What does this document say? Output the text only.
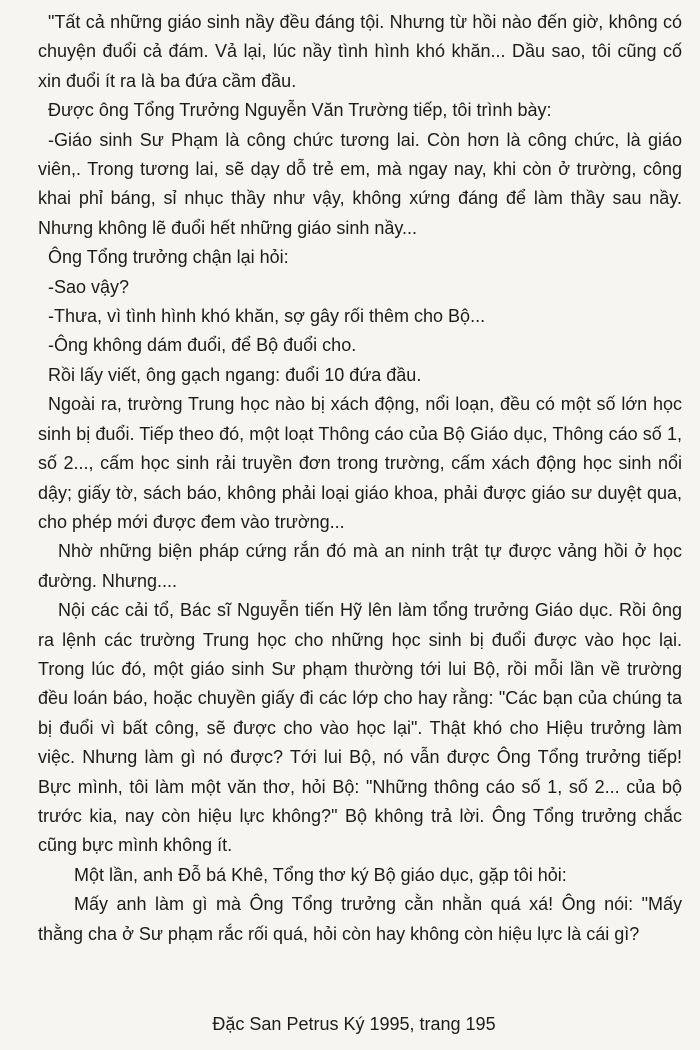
"Tất cả những giáo sinh nầy đều đáng tội. Nhưng từ hồi nào đến giờ, không có chuyện đuổi cả đám. Vả lại, lúc nầy tình hình khó khăn... Dầu sao, tôi cũng cố xin đuổi ít ra là ba đứa cầm đầu.

Được ông Tổng Trưởng Nguyễn Văn Trường tiếp, tôi trình bày:

-Giáo sinh Sư Phạm là công chức tương lai. Còn hơn là công chức, là giáo viên,. Trong tương lai, sẽ dạy dỗ trẻ em, mà ngay nay, khi còn ở trường, công khai phỉ báng, sỉ nhục thầy như vậy, không xứng đáng để làm thầy sau nầy. Nhưng không lẽ đuổi hết những giáo sinh nầy...

Ông Tổng trưởng chận lại hỏi:

-Sao vậy?

-Thưa, vì tình hình khó khăn, sợ gây rối thêm cho Bộ...

-Ông không dám đuổi, để Bộ đuổi cho.

Rồi lấy viết, ông gạch ngang: đuổi 10 đứa đầu.

Ngoài ra, trường Trung học nào bị xách động, nổi loạn, đều có một số lớn học sinh bị đuổi. Tiếp theo đó, một loạt Thông cáo của Bộ Giáo dục, Thông cáo số 1, số 2..., cấm học sinh rải truyền đơn trong trường, cấm xách động học sinh nổi dậy; giấy tờ, sách báo, không phải loại giáo khoa, phải được giáo sư duyệt qua, cho phép mới được đem vào trường...

Nhờ những biện pháp cứng rắn đó mà an ninh trật tự được vảng hồi ở học đường. Nhưng....

Nội các cải tổ, Bác sĩ Nguyễn tiến Hỹ lên làm tổng trưởng Giáo dục. Rồi ông ra lệnh các trường Trung học cho những học sinh bị đuổi được vào học lại. Trong lúc đó, một giáo sinh Sư phạm thường tới lui Bộ, rồi mỗi lần về trường đều loán báo, hoặc chuyền giấy đi các lớp cho hay rằng: "Các bạn của chúng ta bị đuổi vì bất công, sẽ được cho vào học lại". Thật khó cho Hiệu trưởng làm việc. Nhưng làm gì nó được? Tới lui Bộ, nó vẫn được Ông Tổng trưởng tiếp! Bực mình, tôi làm một văn thơ, hỏi Bộ: "Những thông cáo số 1, số 2... của bộ trước kia, nay còn hiệu lực không?" Bộ không trả lời. Ông Tổng trưởng chắc cũng bực mình không ít.

Một lần, anh Đỗ bá Khê, Tổng thơ ký Bộ giáo dục, gặp tôi hỏi:

Mấy anh làm gì mà Ông Tổng trưởng cằn nhằn quá xá! Ông nói: "Mấy thằng cha ở Sư phạm rắc rối quá, hỏi còn hay không còn hiệu lực là cái gì?

Đặc San Petrus Ký 1995, trang 195
